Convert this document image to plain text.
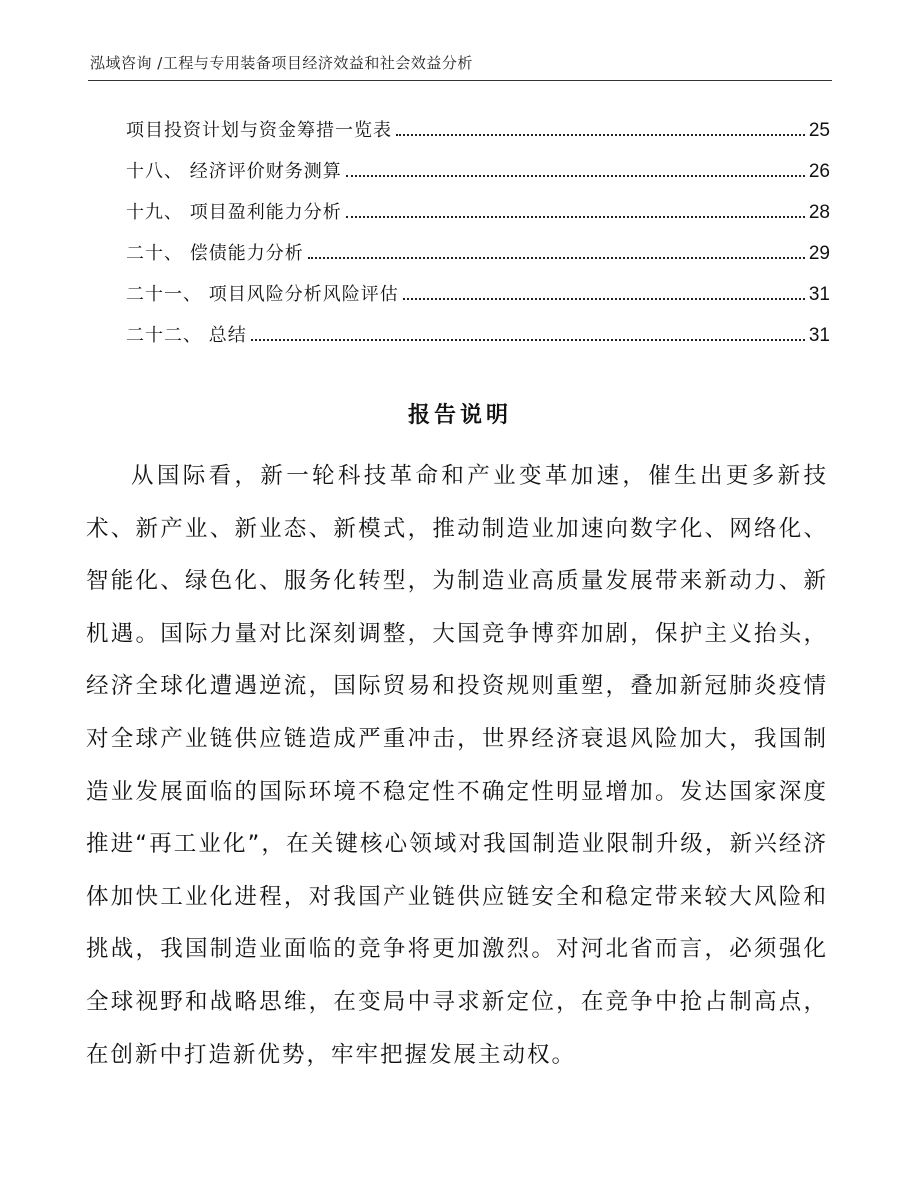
泓域咨询 /工程与专用装备项目经济效益和社会效益分析
项目投资计划与资金筹措一览表	25
十八、 经济评价财务测算	26
十九、 项目盈利能力分析	28
二十、 偿债能力分析	29
二十一、 项目风险分析风险评估	31
二十二、 总结	31
报告说明

从国际看，新一轮科技革命和产业变革加速，催生出更多新技术、新产业、新业态、新模式，推动制造业加速向数字化、网络化、智能化、绿色化、服务化转型，为制造业高质量发展带来新动力、新机遇。国际力量对比深刻调整，大国竞争博弈加剧，保护主义抬头，经济全球化遭遇逆流，国际贸易和投资规则重塑，叠加新冠肺炎疫情对全球产业链供应链造成严重冲击，世界经济衰退风险加大，我国制造业发展面临的国际环境不稳定性不确定性明显增加。发达国家深度推进“再工业化”，在关键核心领域对我国制造业限制升级，新兴经济体加快工业化进程，对我国产业链供应链安全和稳定带来较大风险和挑战，我国制造业面临的竞争将更加激烈。对河北省而言，必须强化全球视野和战略思维，在变局中寻求新定位，在竞争中抢占制高点，在创新中打造新优势，牢牢把握发展主动权。
